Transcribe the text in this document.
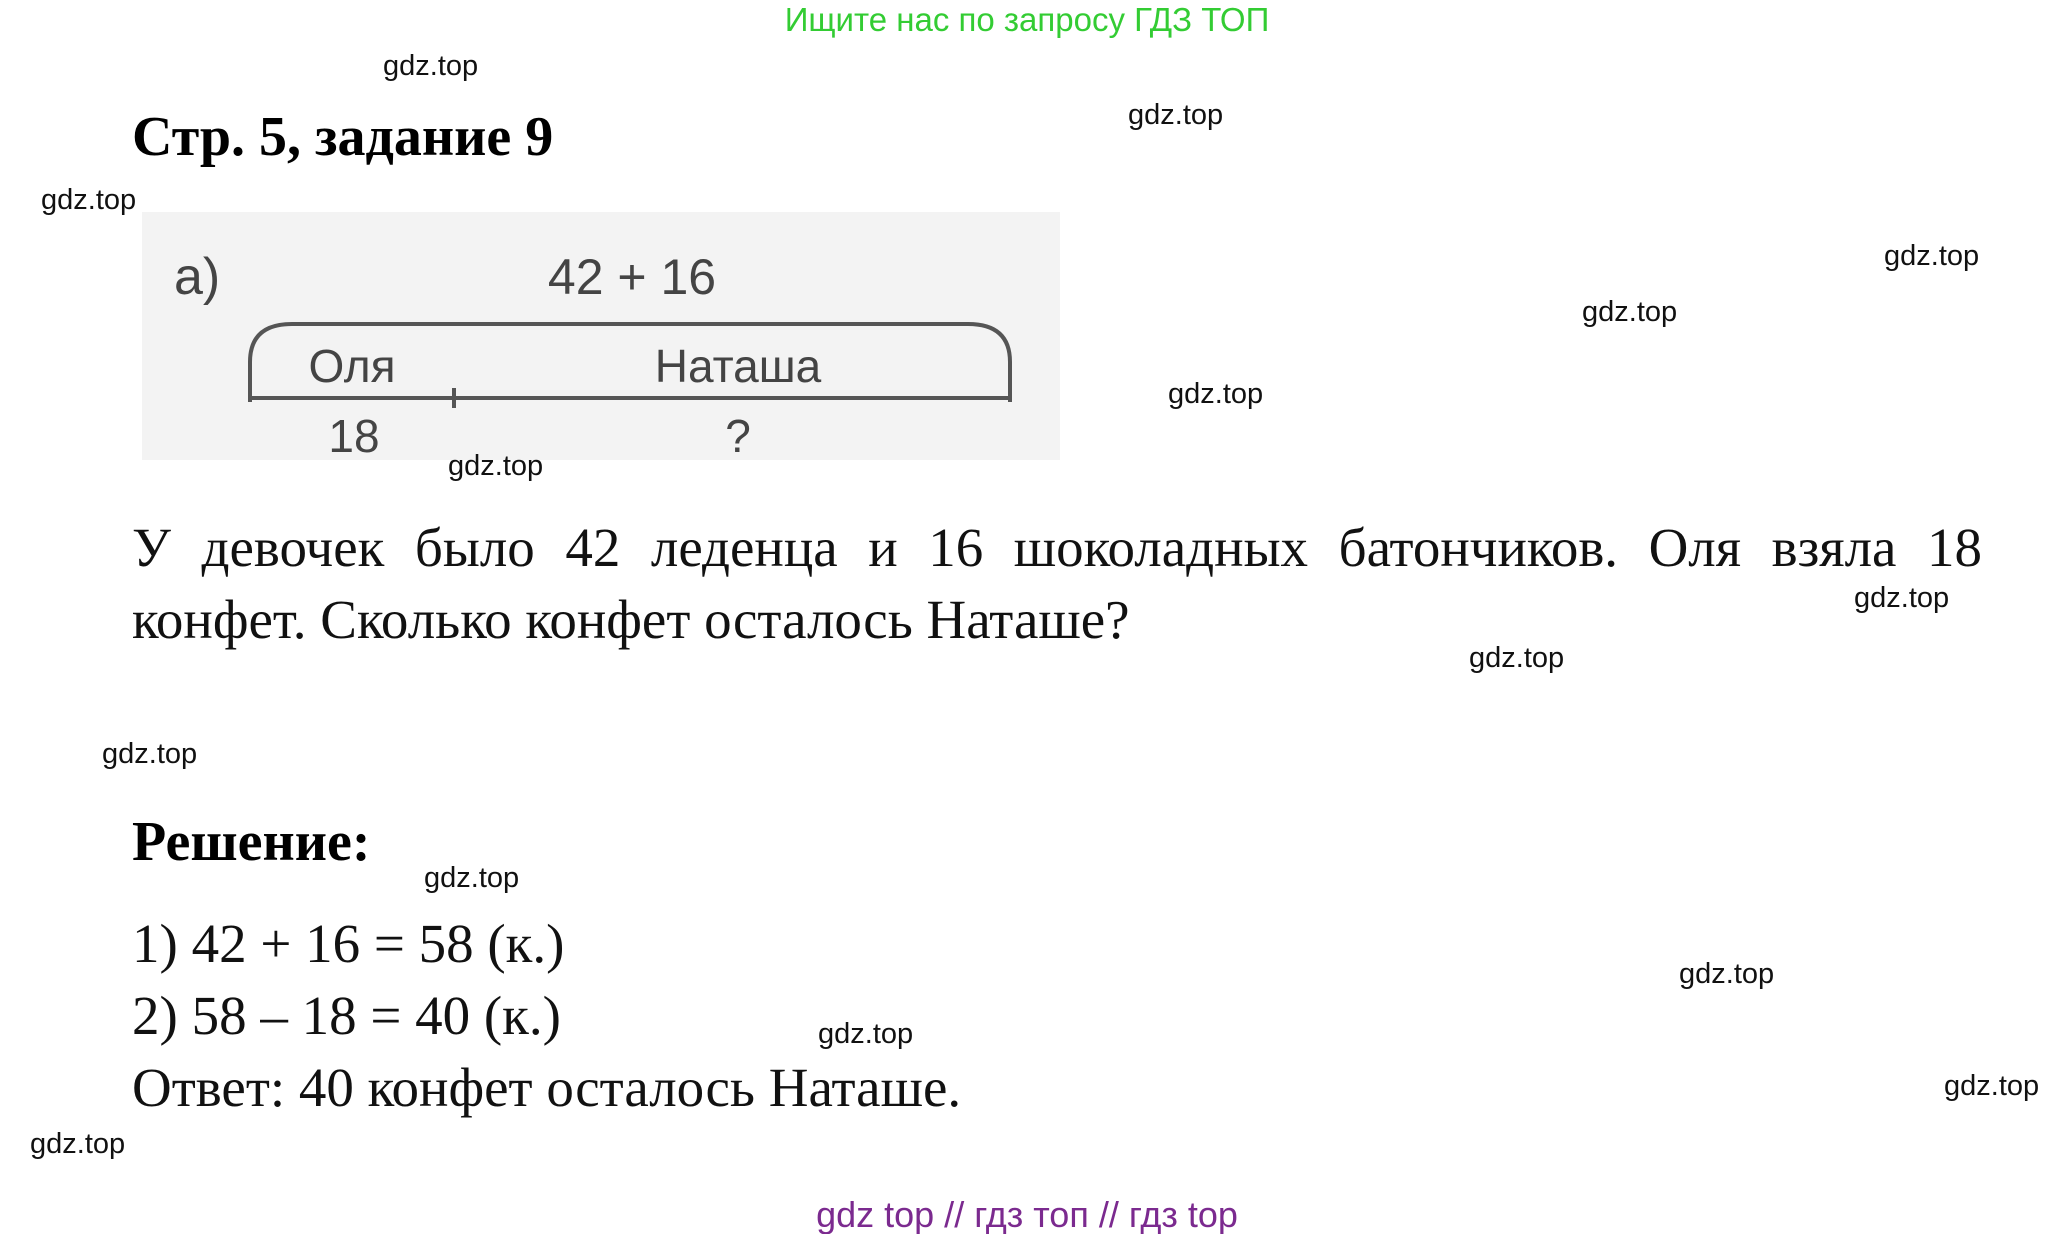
Ищите нас по запросу ГДЗ ТОП
Стр. 5, задание 9
а)	42 + 16
Оля	Наташа
18	?
У девочек было 42 леденца и 16 шоколадных батончиков. Оля взяла 18 конфет. Сколько конфет осталось Наташе?
Решение:
1) 42 + 16 = 58 (к.)
2) 58 – 18 = 40 (к.)
Ответ: 40 конфет осталось Наташе.
gdz.top
gdz.top
gdz.top
gdz.top
gdz.top
gdz.top
gdz.top
gdz.top
gdz.top
gdz.top
gdz.top
gdz.top
gdz.top
gdz.top
gdz.top
gdz top // гдз топ // гдз top
